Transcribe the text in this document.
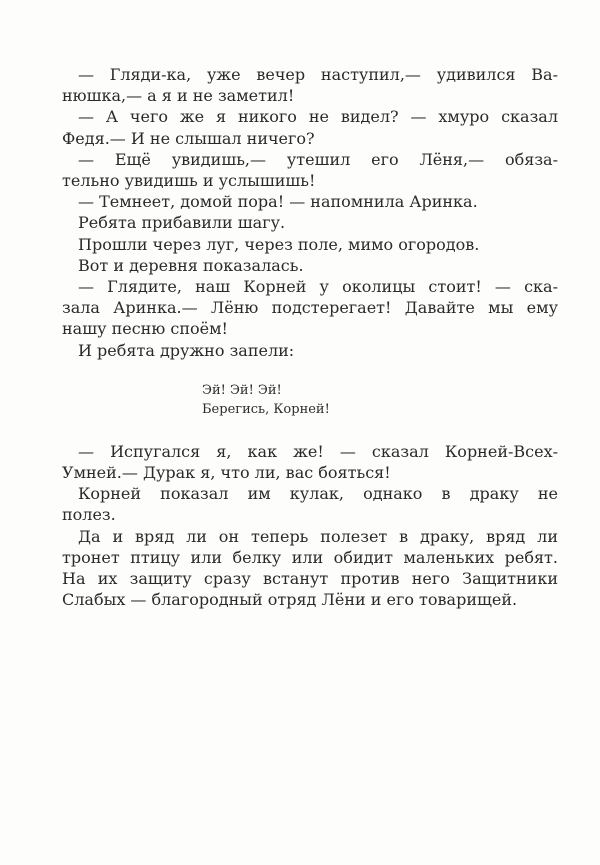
— Гляди-ка, уже вечер наступил,— удивился Ва-
нюшка,— а я и не заметил!

— А чего же я никого не видел? — хмуро сказал
Федя.— И не слышал ничего?

— Ещё увидишь,— утешил его Лёня,— обяза-
тельно увидишь и услышишь!

— Темнеет, домой пора! — напомнила Аринка.

Ребята прибавили шагу.

Прошли через луг, через поле, мимо огородов.

Вот и деревня показалась.

— Глядите, наш Корней у околицы стоит! — ска-
зала Аринка.— Лёню подстерегает! Давайте мы ему
нашу песню споём!

И ребята дружно запели:

Эй! Эй! Эй!
Берегись, Корней!

— Испугался я, как же! — сказал Корней-Всех-
Умней.— Дурак я, что ли, вас бояться!

Корней показал им кулак, однако в драку не
полез.

Да и вряд ли он теперь полезет в драку, вряд ли
тронет птицу или белку или обидит маленьких ребят.
На их защиту сразу встанут против него Защитники
Слабых — благородный отряд Лёни и его товарищей.
